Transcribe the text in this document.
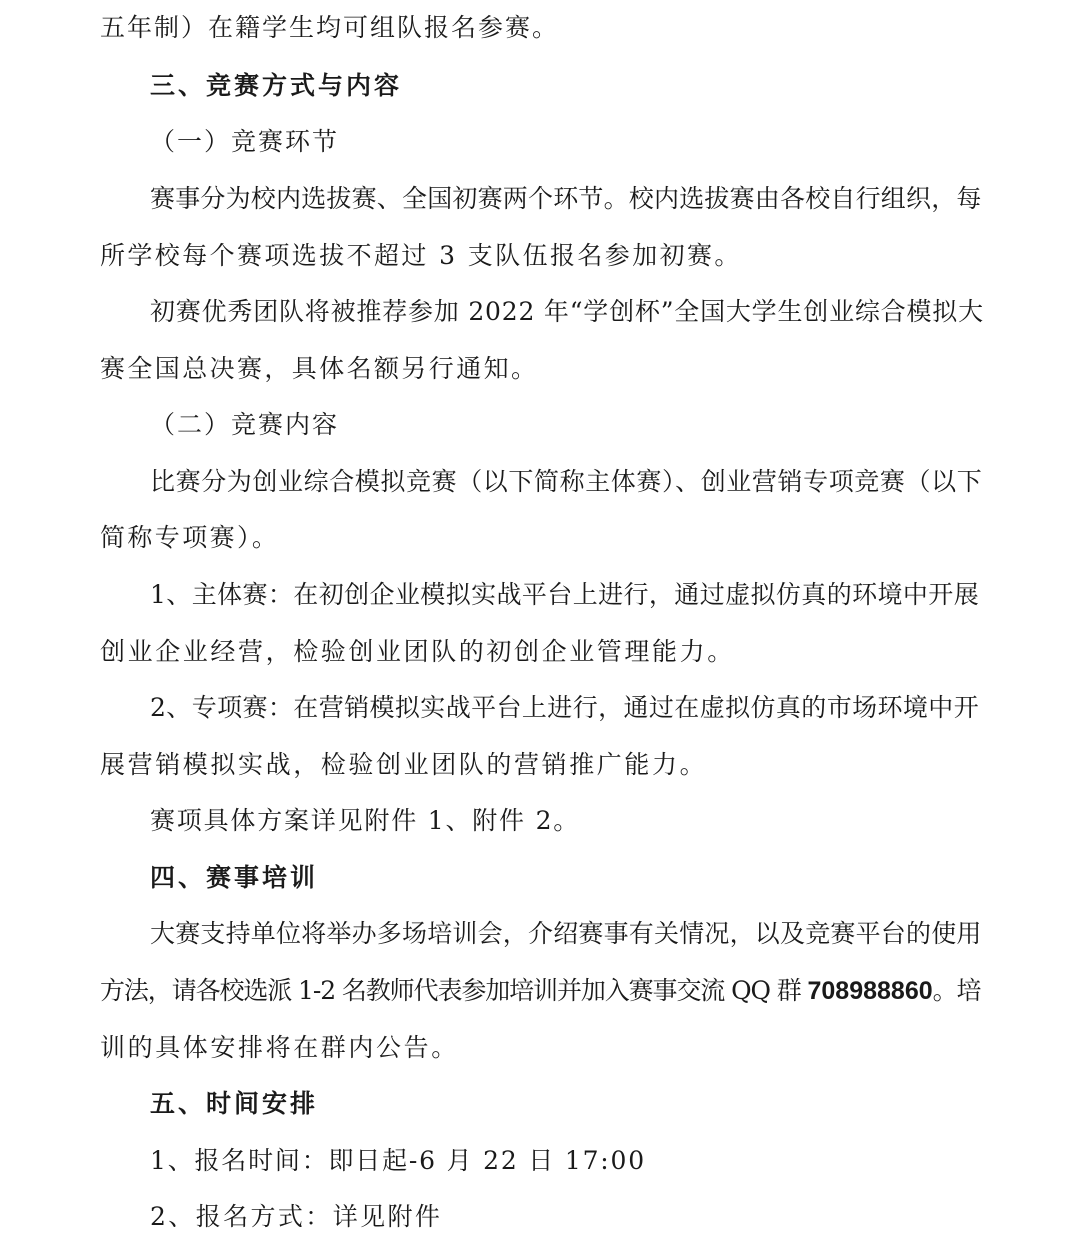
五年制）在籍学生均可组队报名参赛。
三、竞赛方式与内容
（一）竞赛环节
赛事分为校内选拔赛、全国初赛两个环节。校内选拔赛由各校自行组织，每
所学校每个赛项选拔不超过 3 支队伍报名参加初赛。
初赛优秀团队将被推荐参加 2022 年“学创杯”全国大学生创业综合模拟大
赛全国总决赛，具体名额另行通知。
（二）竞赛内容
比赛分为创业综合模拟竞赛（以下简称主体赛）、创业营销专项竞赛（以下
简称专项赛）。
1、主体赛：在初创企业模拟实战平台上进行，通过虚拟仿真的环境中开展
创业企业经营，检验创业团队的初创企业管理能力。
2、专项赛：在营销模拟实战平台上进行，通过在虚拟仿真的市场环境中开
展营销模拟实战，检验创业团队的营销推广能力。
赛项具体方案详见附件 1、附件 2。
四、赛事培训
大赛支持单位将举办多场培训会，介绍赛事有关情况，以及竞赛平台的使用
方法，请各校选派 1-2 名教师代表参加培训并加入赛事交流 QQ 群 708988860。培
训的具体安排将在群内公告。
五、时间安排
1、报名时间：即日起-6 月 22 日 17:00
2、报名方式：详见附件
